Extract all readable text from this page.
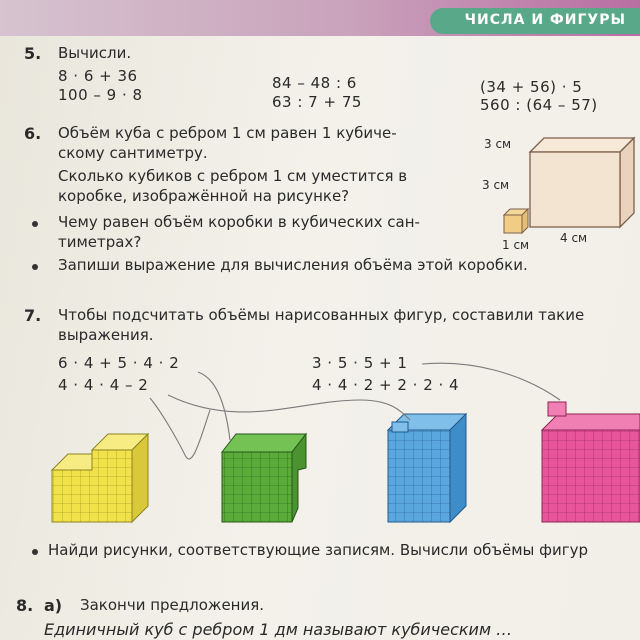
ЧИСЛА И ФИГУРЫ
5. Вычисли.
8 · 6 + 36
100 – 9 · 8
84 – 48 : 6
63 : 7 + 75
(34 + 56) · 5
560 : (64 – 57)
6. Объём куба с ребром 1 см равен 1 кубиче-
скому сантиметру.
Сколько кубиков с ребром 1 см уместится в
коробке, изображённой на рисунке?
Чему равен объём коробки в кубических сан-
тиметрах?
Запиши выражение для вычисления объёма этой коробки.
3 см
3 см
4 см
1 см
7. Чтобы подсчитать объёмы нарисованных фигур, составили такие
выражения.
6 · 4 + 5 · 4 · 2
4 · 4 · 4 – 2
3 · 5 · 5 + 1
4 · 4 · 2 + 2 · 2 · 4
Найди рисунки, соответствующие записям. Вычисли объёмы фигур
8. а) Закончи предложения.
Единичный куб с ребром 1 дм называют кубическим …
